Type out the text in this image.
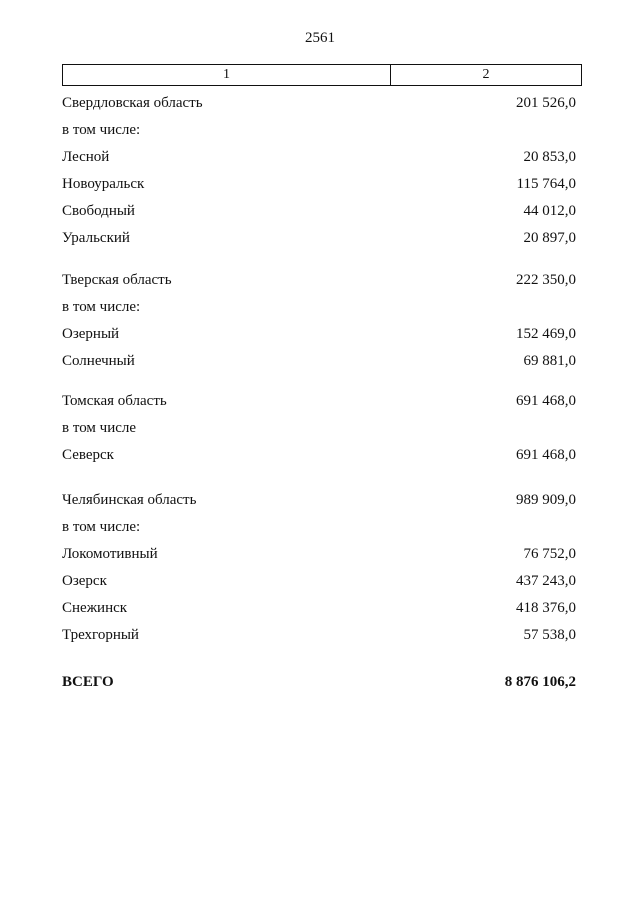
2561
1	2
Свердловская область	201 526,0
в том числе:
Лесной	20 853,0
Новоуральск	115 764,0
Свободный	44 012,0
Уральский	20 897,0
Тверская область	222 350,0
в том числе:
Озерный	152 469,0
Солнечный	69 881,0
Томская область	691 468,0
в том числе
Северск	691 468,0
Челябинская область	989 909,0
в том числе:
Локомотивный	76 752,0
Озерск	437 243,0
Снежинск	418 376,0
Трехгорный	57 538,0
ВСЕГО	8 876 106,2
